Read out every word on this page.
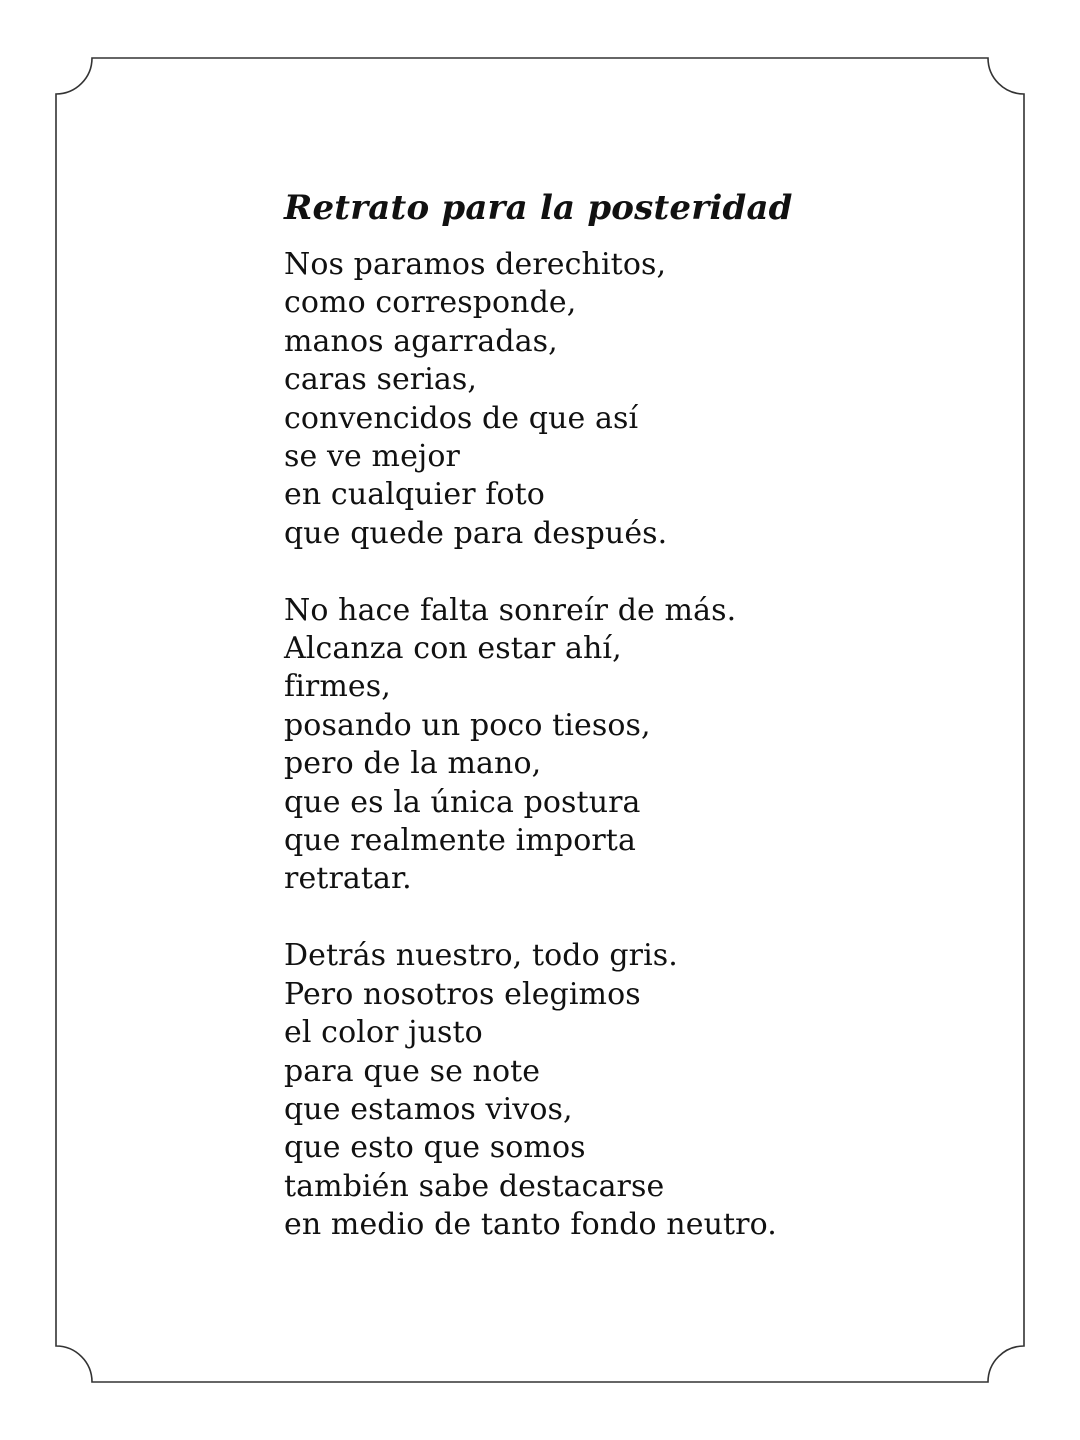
Retrato para la posteridad

Nos paramos derechitos,
como corresponde,
manos agarradas,
caras serias,
convencidos de que así
se ve mejor
en cualquier foto
que quede para después.

No hace falta sonreír de más.
Alcanza con estar ahí,
firmes,
posando un poco tiesos,
pero de la mano,
que es la única postura
que realmente importa
retratar.

Detrás nuestro, todo gris.
Pero nosotros elegimos
el color justo
para que se note
que estamos vivos,
que esto que somos
también sabe destacarse
en medio de tanto fondo neutro.
